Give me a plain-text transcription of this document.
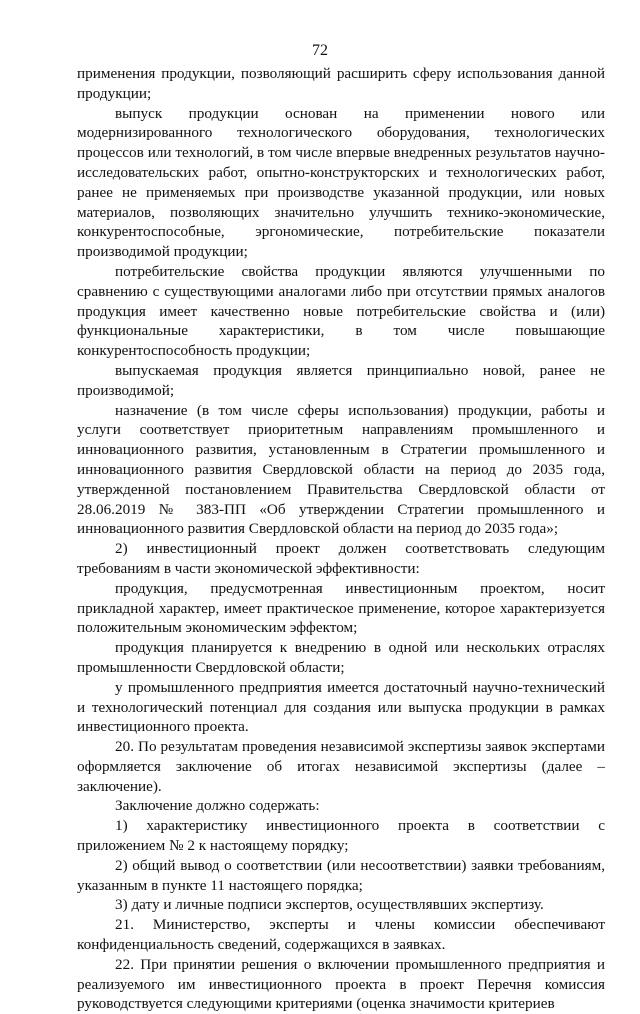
72

применения продукции, позволяющий расширить сферу использования данной продукции;

выпуск продукции основан на применении нового или модернизированного технологического оборудования, технологических процессов или технологий, в том числе впервые внедренных результатов научно-исследовательских работ, опытно-конструкторских и технологических работ, ранее не применяемых при производстве указанной продукции, или новых материалов, позволяющих значительно улучшить технико-экономические, конкурентоспособные, эргономические, потребительские показатели производимой продукции;

потребительские свойства продукции являются улучшенными по сравнению с существующими аналогами либо при отсутствии прямых аналогов продукция имеет качественно новые потребительские свойства и (или) функциональные характеристики, в том числе повышающие конкурентоспособность продукции;

выпускаемая продукция является принципиально новой, ранее не производимой;

назначение (в том числе сферы использования) продукции, работы и услуги соответствует приоритетным направлениям промышленного и инновационного развития, установленным в Стратегии промышленного и инновационного развития Свердловской области на период до 2035 года, утвержденной постановлением Правительства Свердловской области от 28.06.2019 № 383-ПП «Об утверждении Стратегии промышленного и инновационного развития Свердловской области на период до 2035 года»;

2) инвестиционный проект должен соответствовать следующим требованиям в части экономической эффективности:

продукция, предусмотренная инвестиционным проектом, носит прикладной характер, имеет практическое применение, которое характеризуется положительным экономическим эффектом;

продукция планируется к внедрению в одной или нескольких отраслях промышленности Свердловской области;

у промышленного предприятия имеется достаточный научно-технический и технологический потенциал для создания или выпуска продукции в рамках инвестиционного проекта.

20. По результатам проведения независимой экспертизы заявок экспертами оформляется заключение об итогах независимой экспертизы (далее – заключение).

Заключение должно содержать:

1) характеристику инвестиционного проекта в соответствии с приложением № 2 к настоящему порядку;

2) общий вывод о соответствии (или несоответствии) заявки требованиям, указанным в пункте 11 настоящего порядка;

3) дату и личные подписи экспертов, осуществлявших экспертизу.

21. Министерство, эксперты и члены комиссии обеспечивают конфиденциальность сведений, содержащихся в заявках.

22. При принятии решения о включении промышленного предприятия и реализуемого им инвестиционного проекта в проект Перечня комиссия руководствуется следующими критериями (оценка значимости критериев
